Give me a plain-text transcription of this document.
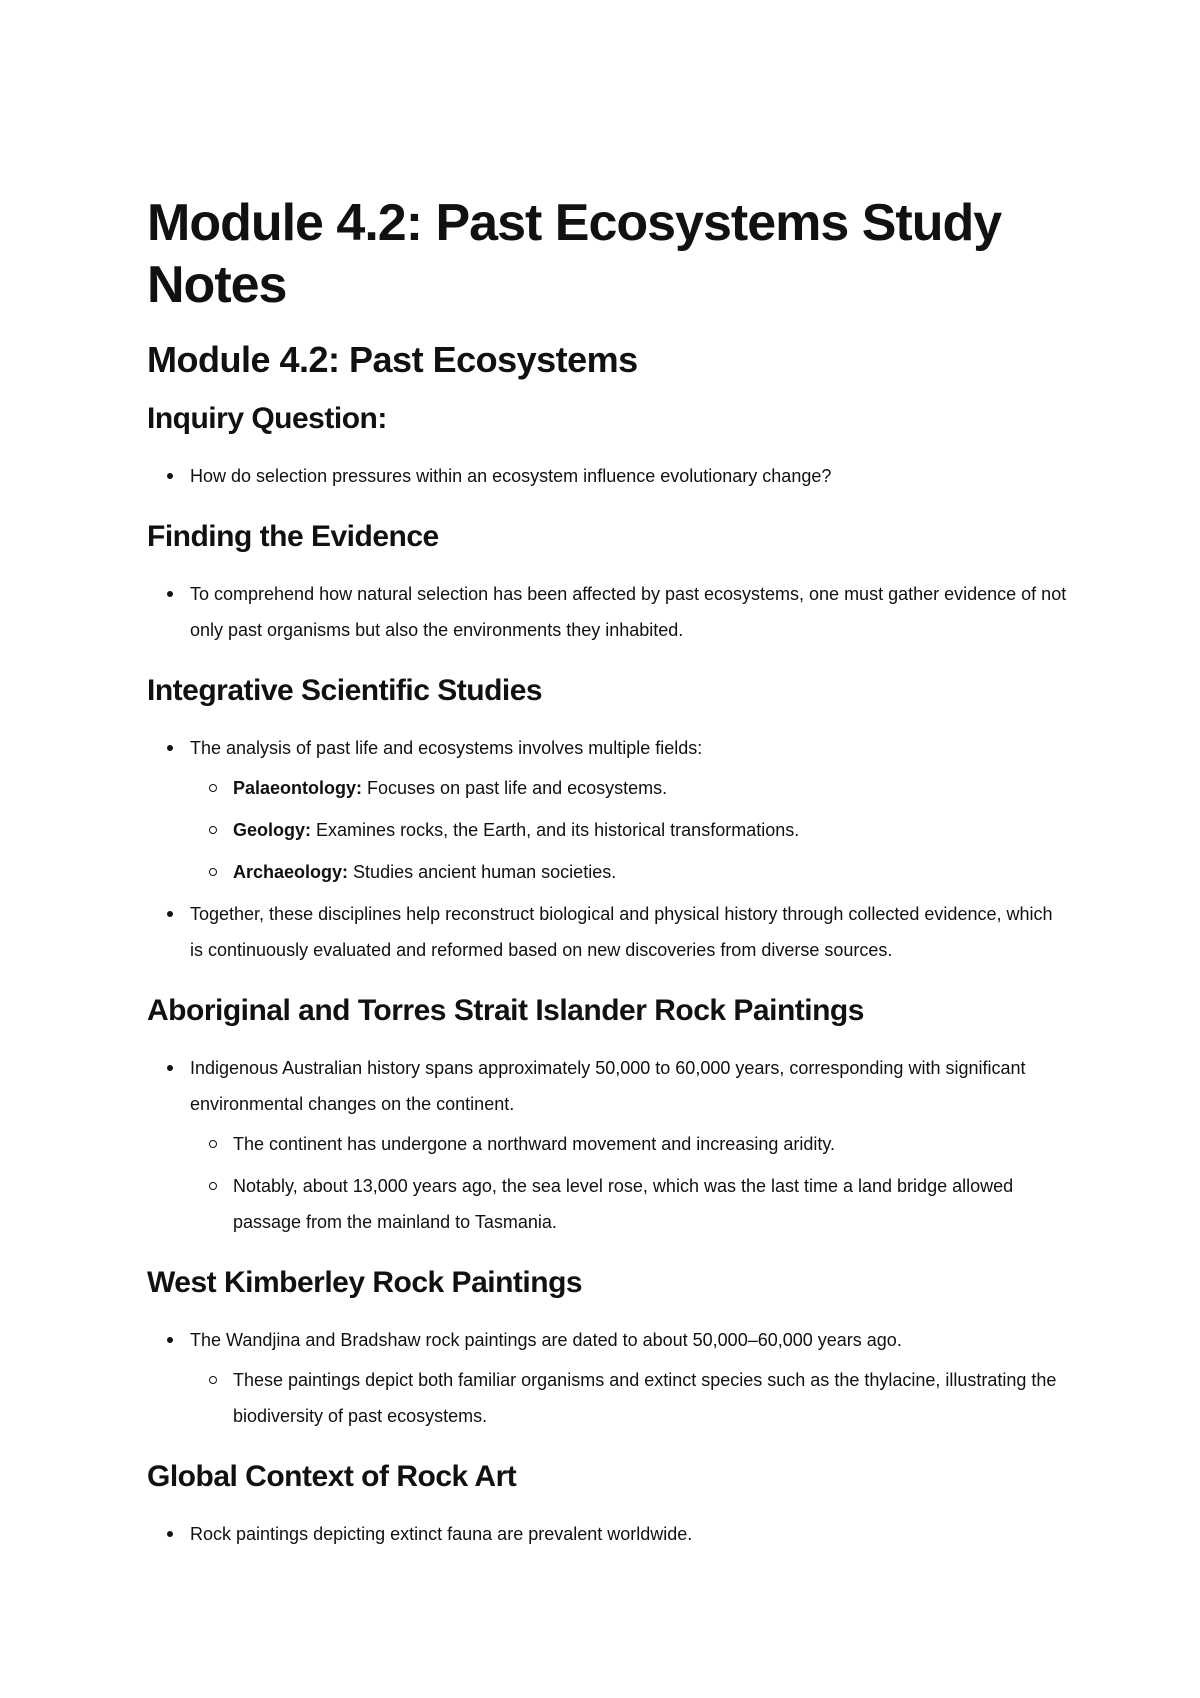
Module 4.2: Past Ecosystems Study Notes
Module 4.2: Past Ecosystems
Inquiry Question:
How do selection pressures within an ecosystem influence evolutionary change?
Finding the Evidence
To comprehend how natural selection has been affected by past ecosystems, one must gather evidence of not only past organisms but also the environments they inhabited.
Integrative Scientific Studies
The analysis of past life and ecosystems involves multiple fields:
Palaeontology: Focuses on past life and ecosystems.
Geology: Examines rocks, the Earth, and its historical transformations.
Archaeology: Studies ancient human societies.
Together, these disciplines help reconstruct biological and physical history through collected evidence, which is continuously evaluated and reformed based on new discoveries from diverse sources.
Aboriginal and Torres Strait Islander Rock Paintings
Indigenous Australian history spans approximately 50,000 to 60,000 years, corresponding with significant environmental changes on the continent.
The continent has undergone a northward movement and increasing aridity.
Notably, about 13,000 years ago, the sea level rose, which was the last time a land bridge allowed passage from the mainland to Tasmania.
West Kimberley Rock Paintings
The Wandjina and Bradshaw rock paintings are dated to about 50,000–60,000 years ago.
These paintings depict both familiar organisms and extinct species such as the thylacine, illustrating the biodiversity of past ecosystems.
Global Context of Rock Art
Rock paintings depicting extinct fauna are prevalent worldwide.
